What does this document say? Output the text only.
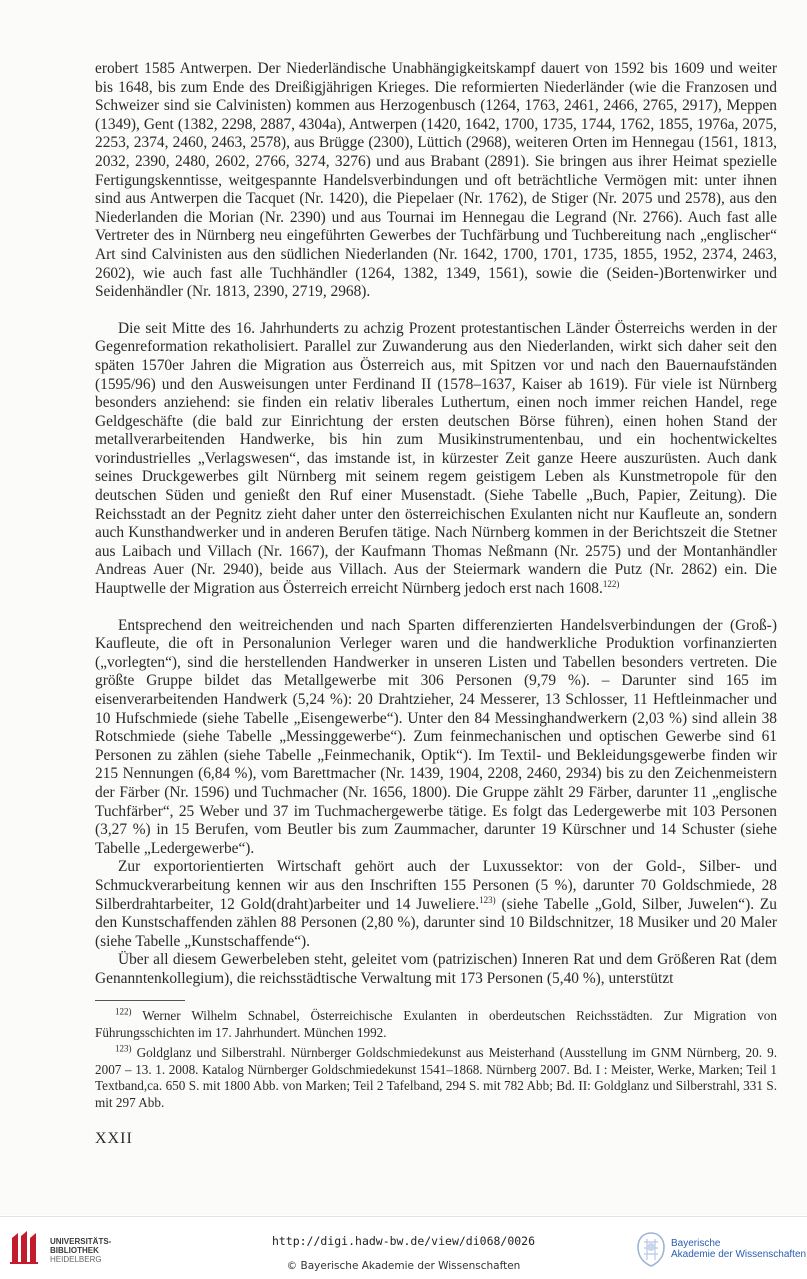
erobert 1585 Antwerpen. Der Niederländische Unabhängigkeitskampf dauert von 1592 bis 1609 und weiter bis 1648, bis zum Ende des Dreißigjährigen Krieges. Die reformierten Niederländer (wie die Franzosen und Schweizer sind sie Calvinisten) kommen aus Herzogenbusch (1264, 1763, 2461, 2466, 2765, 2917), Meppen (1349), Gent (1382, 2298, 2887, 4304a), Antwerpen (1420, 1642, 1700, 1735, 1744, 1762, 1855, 1976a, 2075, 2253, 2374, 2460, 2463, 2578), aus Brügge (2300), Lüttich (2968), weiteren Orten im Hennegau (1561, 1813, 2032, 2390, 2480, 2602, 2766, 3274, 3276) und aus Brabant (2891). Sie bringen aus ihrer Heimat spezielle Fertigungskenntisse, weitgespannte Handelsverbindungen und oft beträchtliche Vermögen mit: unter ihnen sind aus Antwerpen die Tacquet (Nr. 1420), die Piepelaer (Nr. 1762), de Stiger (Nr. 2075 und 2578), aus den Niederlanden die Morian (Nr. 2390) und aus Tournai im Hennegau die Legrand (Nr. 2766). Auch fast alle Vertreter des in Nürnberg neu eingeführten Gewerbes der Tuchfärbung und Tuchbereitung nach „englischer“ Art sind Calvinisten aus den südlichen Niederlanden (Nr. 1642, 1700, 1701, 1735, 1855, 1952, 2374, 2463, 2602), wie auch fast alle Tuchhändler (1264, 1382, 1349, 1561), sowie die (Seiden-)Bortenwirker und Seidenhändler (Nr. 1813, 2390, 2719, 2968).

Die seit Mitte des 16. Jahrhunderts zu achzig Prozent protestantischen Länder Österreichs werden in der Gegenreformation rekatholisiert. Parallel zur Zuwanderung aus den Niederlanden, wirkt sich daher seit den späten 1570er Jahren die Migration aus Österreich aus, mit Spitzen vor und nach den Bauernaufständen (1595/96) und den Ausweisungen unter Ferdinand II (1578–1637, Kaiser ab 1619). Für viele ist Nürnberg besonders anziehend: sie finden ein relativ liberales Luthertum, einen noch immer reichen Handel, rege Geldgeschäfte (die bald zur Einrichtung der ersten deutschen Börse führen), einen hohen Stand der metallverarbeitenden Handwerke, bis hin zum Musikinstrumentenbau, und ein hochentwickeltes vorindustrielles „Verlagswesen“, das imstande ist, in kürzester Zeit ganze Heere auszurüsten. Auch dank seines Druckgewerbes gilt Nürnberg mit seinem regem geistigem Leben als Kunstmetropole für den deutschen Süden und genießt den Ruf einer Musenstadt. (Siehe Tabelle „Buch, Papier, Zeitung). Die Reichsstadt an der Pegnitz zieht daher unter den österreichischen Exulanten nicht nur Kaufleute an, sondern auch Kunsthandwerker und in anderen Berufen tätige. Nach Nürnberg kommen in der Berichtszeit die Stetner aus Laibach und Villach (Nr. 1667), der Kaufmann Thomas Neßmann (Nr. 2575) und der Montanhändler Andreas Auer (Nr. 2940), beide aus Villach. Aus der Steiermark wandern die Putz (Nr. 2862) ein. Die Hauptwelle der Migration aus Österreich erreicht Nürnberg jedoch erst nach 1608.$^{122)}$

Entsprechend den weitreichenden und nach Sparten differenzierten Handelsverbindungen der (Groß-) Kaufleute, die oft in Personalunion Verleger waren und die handwerkliche Produktion vorfinanzierten („vorlegten“), sind die herstellenden Handwerker in unseren Listen und Tabellen besonders vertreten. Die größte Gruppe bildet das Metallgewerbe mit 306 Personen (9,79 %). – Darunter sind 165 im eisenverarbeitenden Handwerk (5,24 %): 20 Drahtzieher, 24 Messerer, 13 Schlosser, 11 Heftleinmacher und 10 Hufschmiede (siehe Tabelle „Eisengewerbe“). Unter den 84 Messinghandwerkern (2,03 %) sind allein 38 Rotschmiede (siehe Tabelle „Messinggewerbe“). Zum feinmechanischen und optischen Gewerbe sind 61 Personen zu zählen (siehe Tabelle „Feinmechanik, Optik“). Im Textil- und Bekleidungsgewerbe finden wir 215 Nennungen (6,84 %), vom Barettmacher (Nr. 1439, 1904, 2208, 2460, 2934) bis zu den Zeichenmeistern der Färber (Nr. 1596) und Tuchmacher (Nr. 1656, 1800). Die Gruppe zählt 29 Färber, darunter 11 „englische Tuchfärber“, 25 Weber und 37 im Tuchmachergewerbe tätige. Es folgt das Ledergewerbe mit 103 Personen (3,27 %) in 15 Berufen, vom Beutler bis zum Zaummacher, darunter 19 Kürschner und 14 Schuster (siehe Tabelle „Ledergewerbe“).

Zur exportorientierten Wirtschaft gehört auch der Luxussektor: von der Gold-, Silber- und Schmuckverarbeitung kennen wir aus den Inschriften 155 Personen (5 %), darunter 70 Goldschmiede, 28 Silberdrahtarbeiter, 12 Gold(draht)arbeiter und 14 Juweliere.$^{123)}$ (siehe Tabelle „Gold, Silber, Juwelen“). Zu den Kunstschaffenden zählen 88 Personen (2,80 %), darunter sind 10 Bildschnitzer, 18 Musiker und 20 Maler (siehe Tabelle „Kunstschaffende“).

Über all diesem Gewerbeleben steht, geleitet vom (patrizischen) Inneren Rat und dem Größeren Rat (dem Genanntenkollegium), die reichsstädtische Verwaltung mit 173 Personen (5,40 %), unterstützt

$^{122)}$ Werner Wilhelm Schnabel, Österreichische Exulanten in oberdeutschen Reichsstädten. Zur Migration von Führungsschichten im 17. Jahrhundert. München 1992.

$^{123)}$ Goldglanz und Silberstrahl. Nürnberger Goldschmiedekunst aus Meisterhand (Ausstellung im GNM Nürnberg, 20. 9. 2007 – 13. 1. 2008. Katalog Nürnberger Goldschmiedekunst 1541–1868. Nürnberg 2007. Bd. I : Meister, Werke, Marken; Teil 1 Textband,ca. 650 S. mit 1800 Abb. von Marken; Teil 2 Tafelband, 294 S. mit 782 Abb; Bd. II: Goldglanz und Silberstrahl, 331 S. mit 297 Abb.

XXII
UNIVERSITÄTS-
BIBLIOTHEK
HEIDELBERG
http://digi.hadw-bw.de/view/di068/0026
© Bayerische Akademie der Wissenschaften
Bayerische
Akademie der Wissenschaften
